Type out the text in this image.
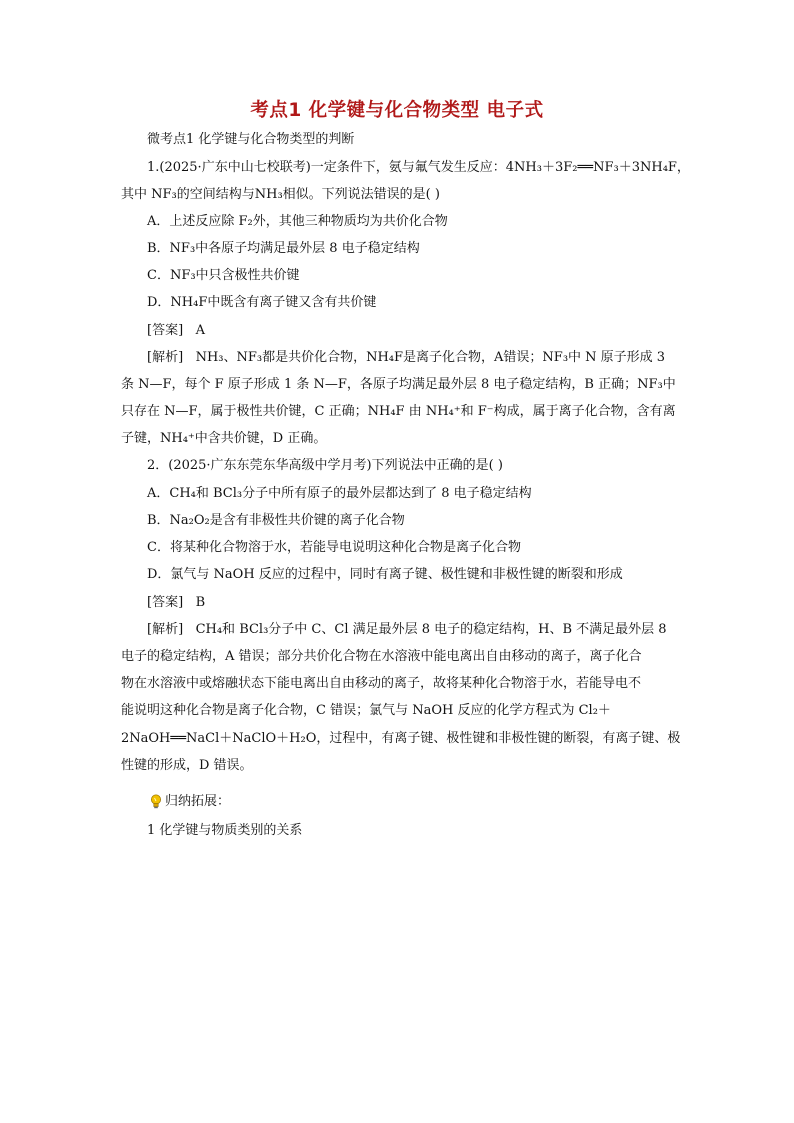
考点1 化学键与化合物类型 电子式
微考点1 化学键与化合物类型的判断
1.(2025·广东中山七校联考)一定条件下，氨与氟气发生反应：4NH₃＋3F₂══NF₃＋3NH₄F，
其中 NF₃的空间结构与NH₃相似。下列说法错误的是( )
A．上述反应除 F₂外，其他三种物质均为共价化合物
B．NF₃中各原子均满足最外层 8 电子稳定结构
C．NF₃中只含极性共价键
D．NH₄F中既含有离子键又含有共价键
[答案] A
[解析] NH₃、NF₃都是共价化合物，NH₄F是离子化合物，A错误；NF₃中 N 原子形成 3
条 N—F，每个 F 原子形成 1 条 N—F，各原子均满足最外层 8 电子稳定结构，B 正确；NF₃中
只存在 N—F，属于极性共价键，C 正确；NH₄F 由 NH₄⁺和 F⁻构成，属于离子化合物，含有离
子键，NH₄⁺中含共价键，D 正确。
2．(2025·广东东莞东华高级中学月考)下列说法中正确的是( )
A．CH₄和 BCl₃分子中所有原子的最外层都达到了 8 电子稳定结构
B．Na₂O₂是含有非极性共价键的离子化合物
C．将某种化合物溶于水，若能导电说明这种化合物是离子化合物
D．氯气与 NaOH 反应的过程中，同时有离子键、极性键和非极性键的断裂和形成
[答案] B
[解析] CH₄和 BCl₃分子中 C、Cl 满足最外层 8 电子的稳定结构，H、B 不满足最外层 8
电子的稳定结构，A 错误；部分共价化合物在水溶液中能电离出自由移动的离子，离子化合
物在水溶液中或熔融状态下能电离出自由移动的离子，故将某种化合物溶于水，若能导电不
能说明这种化合物是离子化合物，C 错误；氯气与 NaOH 反应的化学方程式为 Cl₂＋
2NaOH══NaCl＋NaClO＋H₂O，过程中，有离子键、极性键和非极性键的断裂，有离子键、极
性键的形成，D 错误。
归纳拓展：
1 化学键与物质类别的关系
